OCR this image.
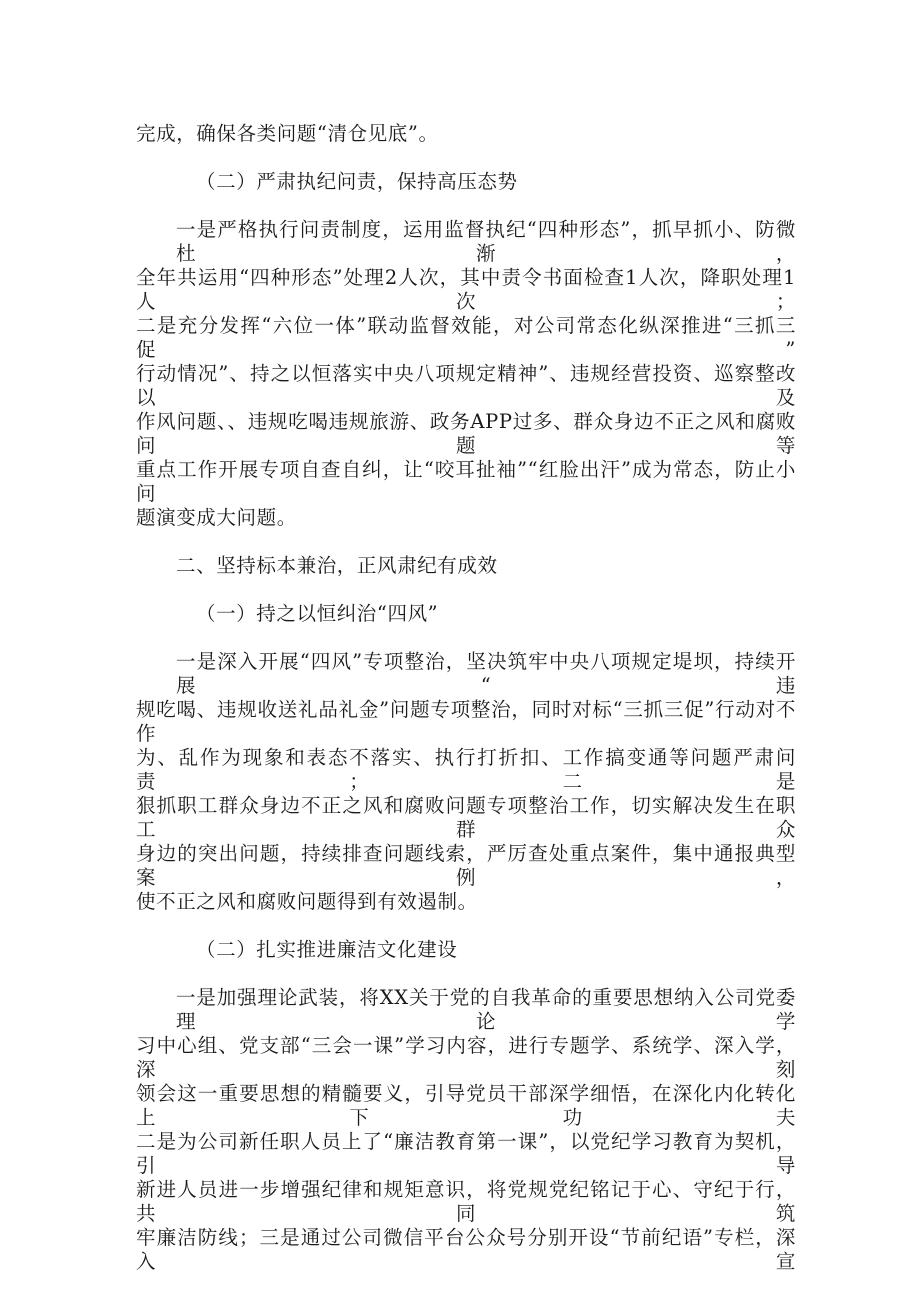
完成，确保各类问题“清仓见底”。
（二）严肃执纪问责，保持高压态势
一是严格执行问责制度，运用监督执纪“四种形态”，抓早抓小、防微杜渐，
全年共运用“四种形态”处理2人次，其中责令书面检查1人次，降职处理1人次；
二是充分发挥“六位一体”联动监督效能，对公司常态化纵深推进“三抓三促”
行动情况”、持之以恒落实中央八项规定精神”、违规经营投资、巡察整改以及
作风问题、、违规吃喝违规旅游、政务APP过多、群众身边不正之风和腐败问题等
重点工作开展专项自查自纠，让“咬耳扯袖”“红脸出汗”成为常态，防止小问
题演变成大问题。
二、坚持标本兼治，正风肃纪有成效
（一）持之以恒纠治“四风”
一是深入开展“四风”专项整治，坚决筑牢中央八项规定堤坝，持续开展“违
规吃喝、违规收送礼品礼金”问题专项整治，同时对标“三抓三促”行动对不作
为、乱作为现象和表态不落实、执行打折扣、工作搞变通等问题严肃问责；二是
狠抓职工群众身边不正之风和腐败问题专项整治工作，切实解决发生在职工群众
身边的突出问题，持续排查问题线索，严厉查处重点案件，集中通报典型案例，
使不正之风和腐败问题得到有效遏制。
（二）扎实推进廉洁文化建设
一是加强理论武装，将XX关于党的自我革命的重要思想纳入公司党委理论学
习中心组、党支部“三会一课”学习内容，进行专题学、系统学、深入学，深刻
领会这一重要思想的精髓要义，引导党员干部深学细悟，在深化内化转化上下功夫
二是为公司新任职人员上了“廉洁教育第一课”，以党纪学习教育为契机，引导
新进人员进一步增强纪律和规矩意识，将党规党纪铭记于心、守纪于行，共同筑
牢廉洁防线；三是通过公司微信平台公众号分别开设“节前纪语”专栏，深入宣
